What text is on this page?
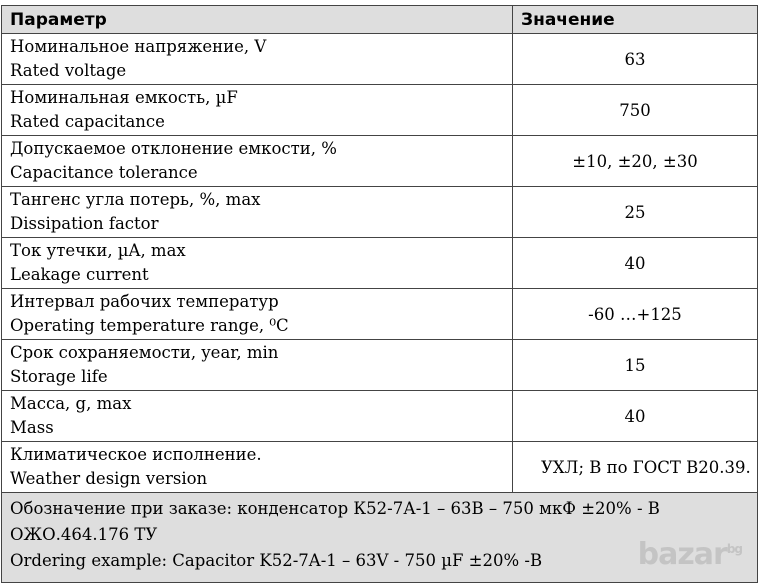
Параметр	Значение

Номинальное напряжение, V
Rated voltage	63

Номинальная емкость, µF
Rated capacitance	750

Допускаемое отклонение емкости, %
Capacitance tolerance	±10, ±20, ±30

Тангенс угла потерь, %, max
Dissipation factor	25

Ток утечки, µA, max
Leakage current	40

Интервал рабочих температур
Operating temperature range, ⁰C	-60 …+125

Срок сохраняемости, year, min
Storage life	15

Масса, g, max
Mass	40

Климатическое исполнение.
Weather design version	УХЛ; В по ГОСТ В20.39.

Обозначение при заказе: конденсатор К52-7А-1 – 63В – 750 мкФ ±20% - В ОЖО.464.176 ТУ
Ordering example: Capacitor K52-7A-1 – 63V - 750 µF ±20% -B		bazar$^{bg}$
